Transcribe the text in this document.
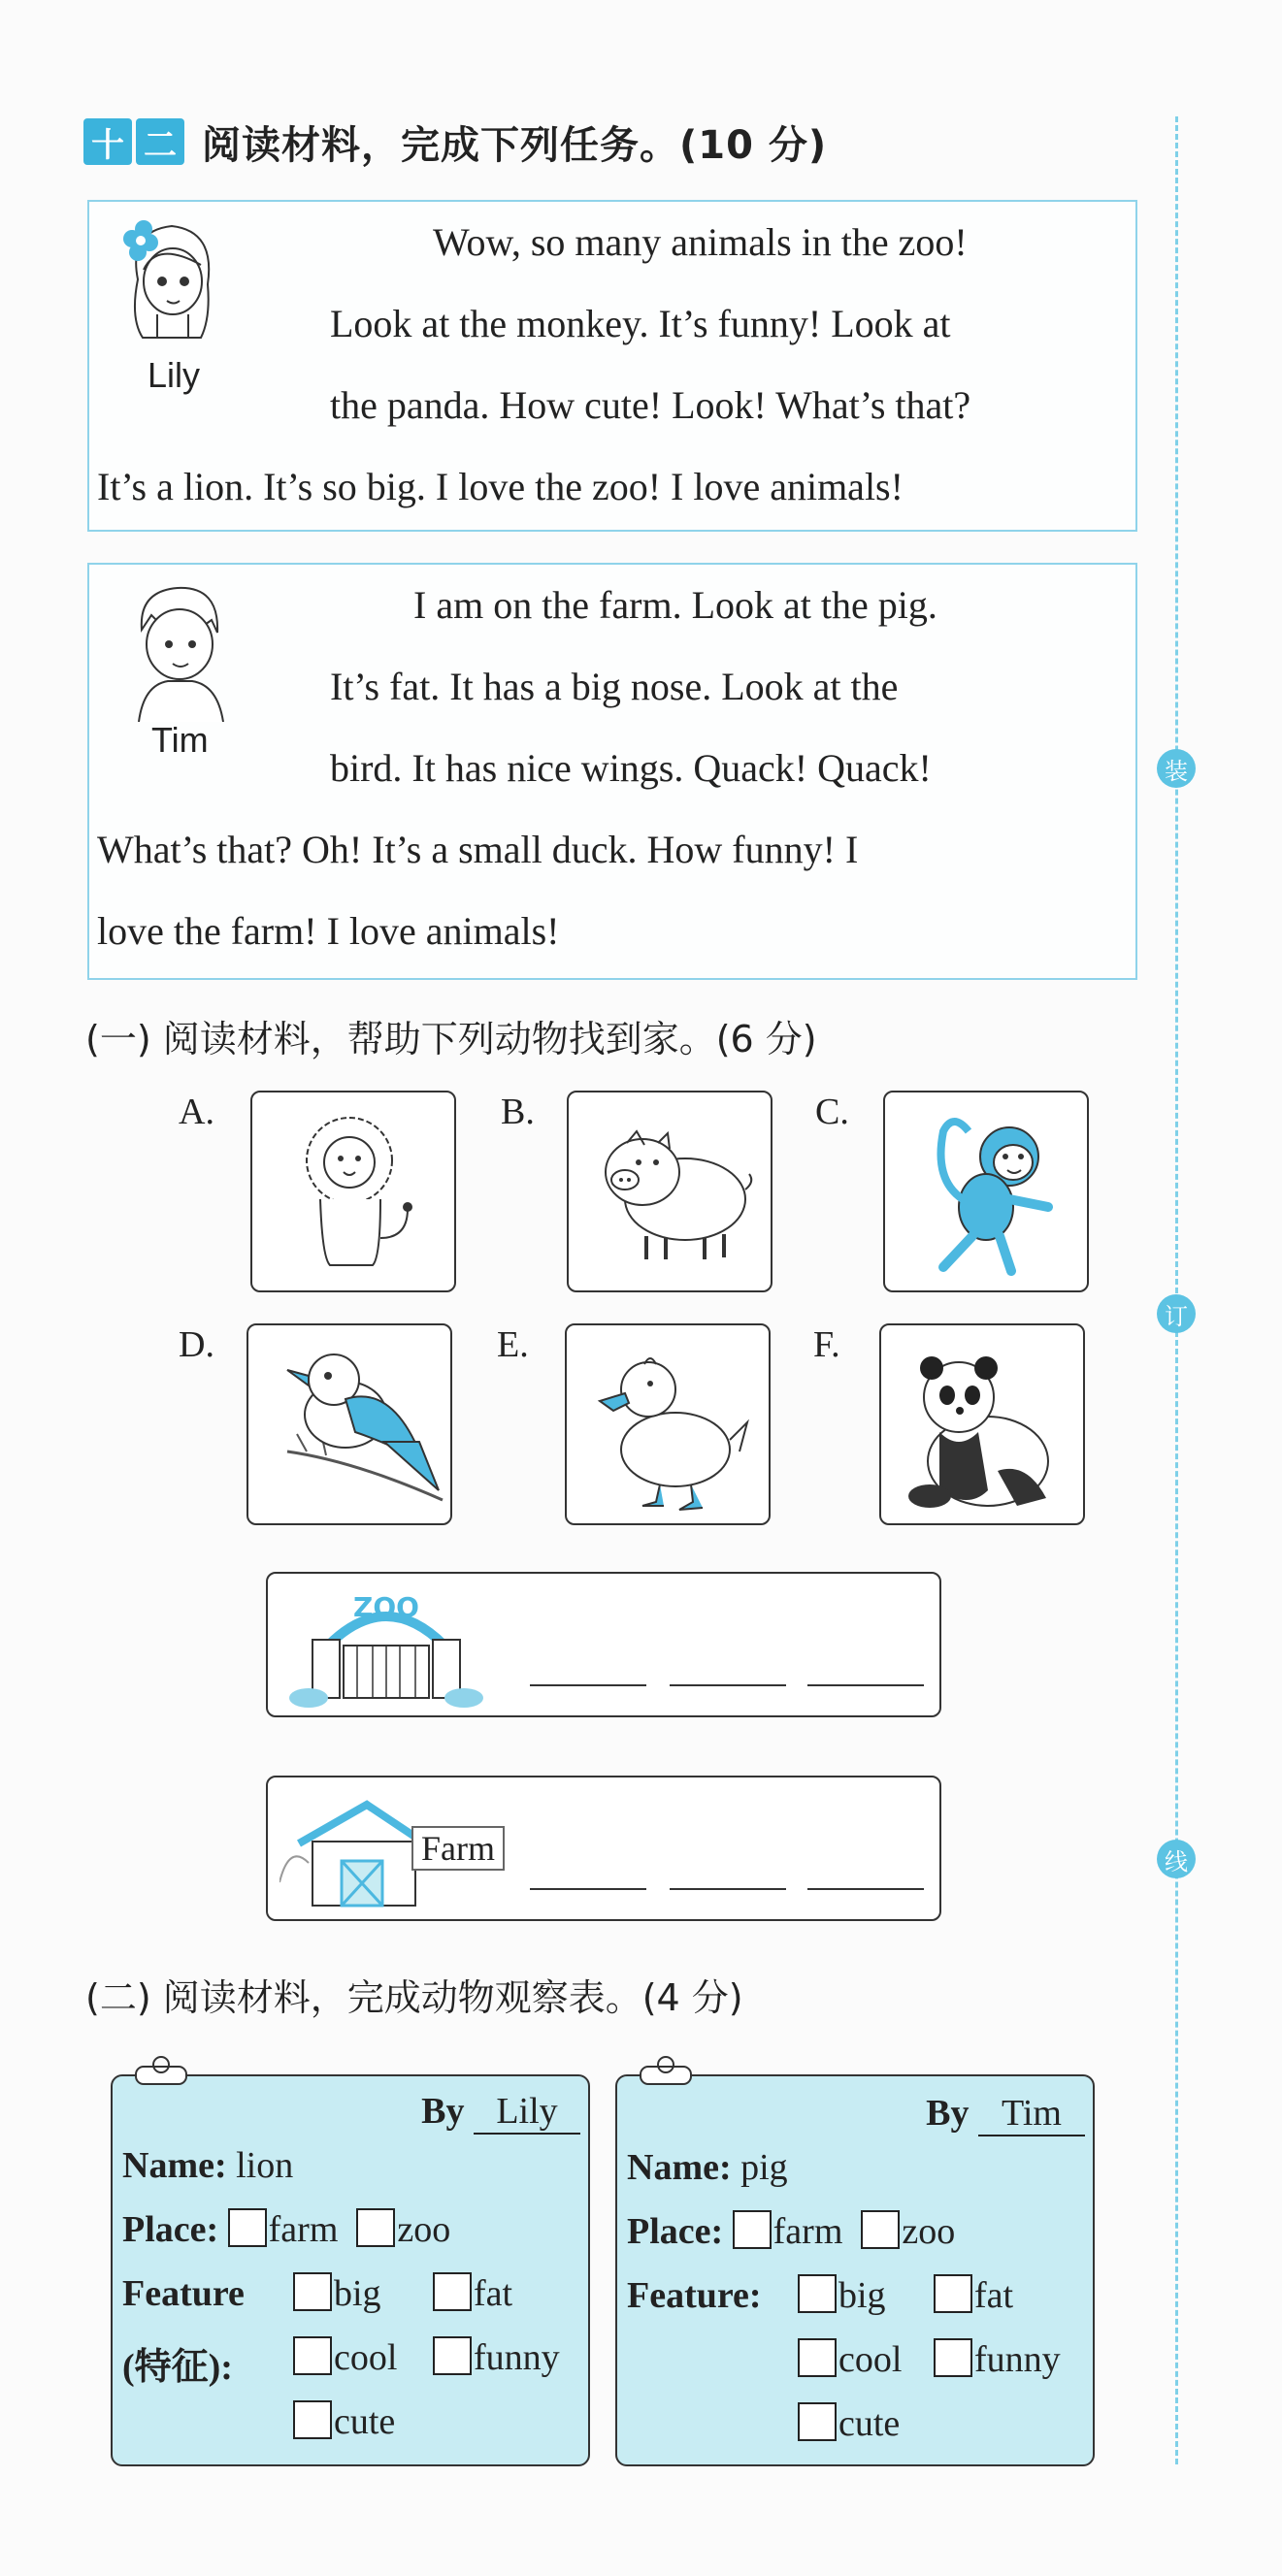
十 二 阅读材料，完成下列任务。(10 分)
Lily
Wow, so many animals in the zoo!
Look at the monkey. It’s funny! Look at
the panda. How cute! Look! What’s that?
It’s a lion. It’s so big. I love the zoo! I love animals!
Tim
I am on the farm. Look at the pig.
It’s fat. It has a big nose. Look at the
bird. It has nice wings. Quack! Quack!
What’s that? Oh! It’s a small duck. How funny! I
love the farm! I love animals!
(一) 阅读材料，帮助下列动物找到家。(6 分)
A.	B.	C.
D.	E.	F.
ZOO
Farm
(二) 阅读材料，完成动物观察表。(4 分)
By Lily
Name: lion
Place: farm zoo
Feature
(特征):
big	fat
cool	funny
cute
By Tim
Name: pig
Place: farm zoo
Feature:	big	fat
cool	funny
cute
装
订
线
